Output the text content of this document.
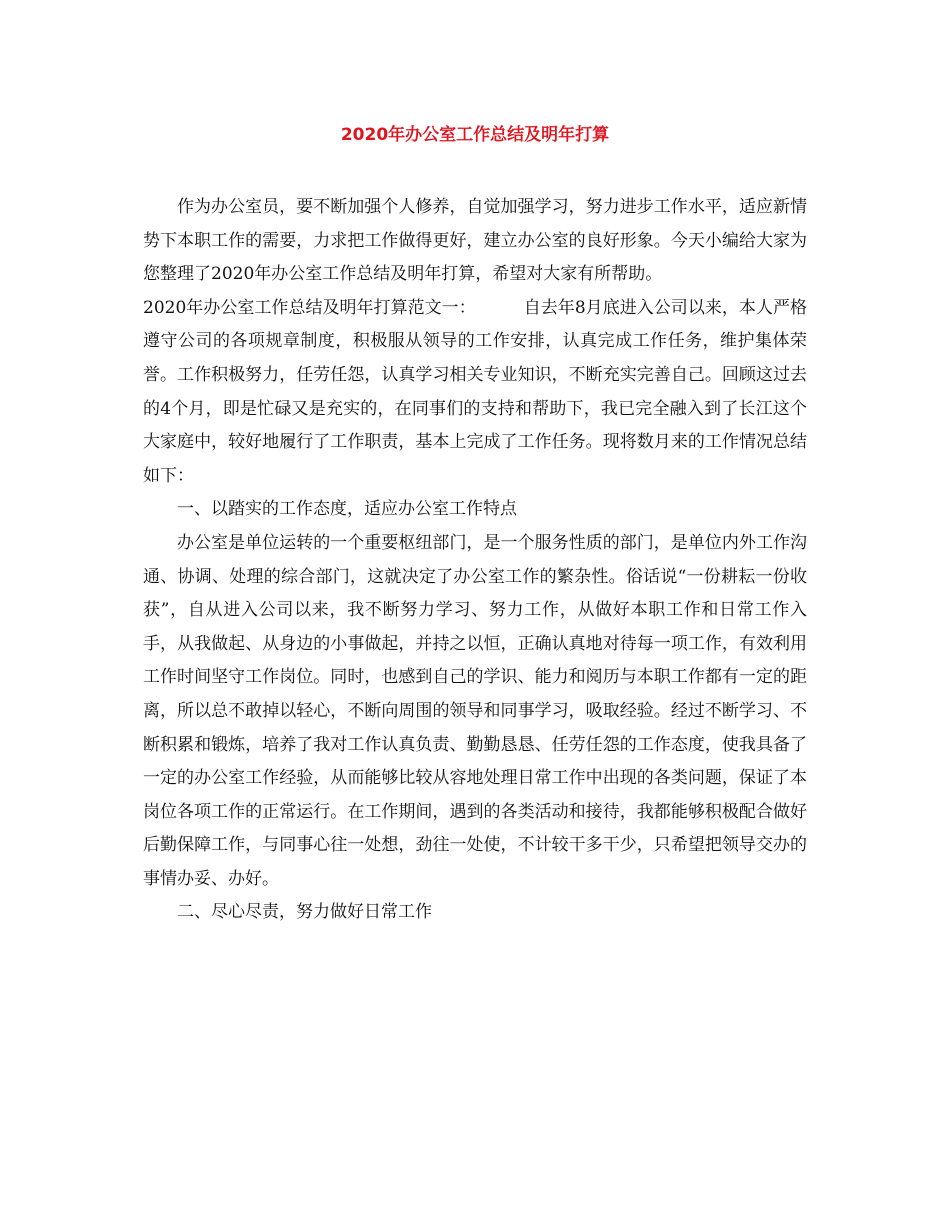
2020年办公室工作总结及明年打算

作为办公室员，要不断加强个人修养，自觉加强学习，努力进步工作水平，适应新情势下本职工作的需要，力求把工作做得更好，建立办公室的良好形象。今天小编给大家为您整理了2020年办公室工作总结及明年打算，希望对大家有所帮助。

2020年办公室工作总结及明年打算范文一：	自去年8月底进入公司以来，本人严格遵守公司的各项规章制度，积极服从领导的工作安排，认真完成工作任务，维护集体荣誉。工作积极努力，任劳任怨，认真学习相关专业知识，不断充实完善自己。回顾这过去的4个月，即是忙碌又是充实的，在同事们的支持和帮助下，我已完全融入到了长江这个大家庭中，较好地履行了工作职责，基本上完成了工作任务。现将数月来的工作情况总结如下：

一、以踏实的工作态度，适应办公室工作特点

办公室是单位运转的一个重要枢纽部门，是一个服务性质的部门，是单位内外工作沟通、协调、处理的综合部门，这就决定了办公室工作的繁杂性。俗话说“一份耕耘一份收获”，自从进入公司以来，我不断努力学习、努力工作，从做好本职工作和日常工作入手，从我做起、从身边的小事做起，并持之以恒，正确认真地对待每一项工作，有效利用工作时间坚守工作岗位。同时，也感到自己的学识、能力和阅历与本职工作都有一定的距离，所以总不敢掉以轻心，不断向周围的领导和同事学习，吸取经验。经过不断学习、不断积累和锻炼，培养了我对工作认真负责、勤勤恳恳、任劳任怨的工作态度，使我具备了一定的办公室工作经验，从而能够比较从容地处理日常工作中出现的各类问题，保证了本岗位各项工作的正常运行。在工作期间，遇到的各类活动和接待，我都能够积极配合做好后勤保障工作，与同事心往一处想，劲往一处使，不计较干多干少，只希望把领导交办的事情办妥、办好。

二、尽心尽责，努力做好日常工作
